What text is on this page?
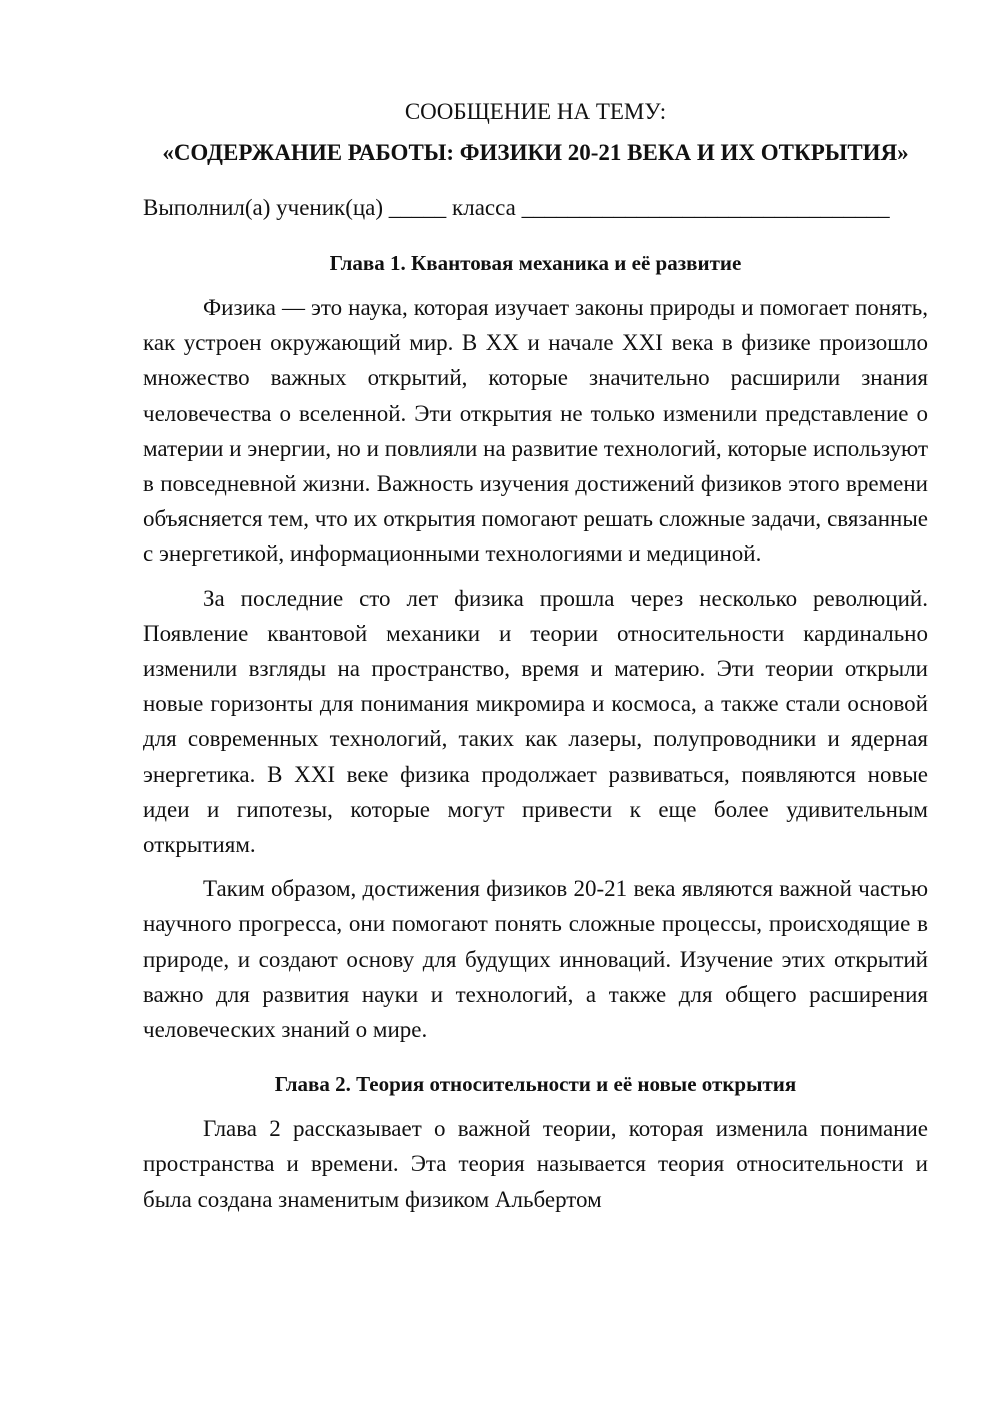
СООБЩЕНИЕ НА ТЕМУ:
«СОДЕРЖАНИЕ РАБОТЫ: ФИЗИКИ 20-21 ВЕКА И ИХ ОТКРЫТИЯ»

Выполнил(а) ученик(ца) _____ класса ________________________________

Глава 1. Квантовая механика и её развитие

Физика — это наука, которая изучает законы природы и помогает понять, как устроен окружающий мир. В XX и начале XXI века в физике произошло множество важных открытий, которые значительно расширили знания человечества о вселенной. Эти открытия не только изменили представление о материи и энергии, но и повлияли на развитие технологий, которые используют в повседневной жизни. Важность изучения достижений физиков этого времени объясняется тем, что их открытия помогают решать сложные задачи, связанные с энергетикой, информационными технологиями и медициной.

За последние сто лет физика прошла через несколько революций. Появление квантовой механики и теории относительности кардинально изменили взгляды на пространство, время и материю. Эти теории открыли новые горизонты для понимания микромира и космоса, а также стали основой для современных технологий, таких как лазеры, полупроводники и ядерная энергетика. В XXI веке физика продолжает развиваться, появляются новые идеи и гипотезы, которые могут привести к еще более удивительным открытиям.

Таким образом, достижения физиков 20-21 века являются важной частью научного прогресса, они помогают понять сложные процессы, происходящие в природе, и создают основу для будущих инноваций. Изучение этих открытий важно для развития науки и технологий, а также для общего расширения человеческих знаний о мире.

Глава 2. Теория относительности и её новые открытия

Глава 2 рассказывает о важной теории, которая изменила понимание пространства и времени. Эта теория называется теория относительности и была создана знаменитым физиком Альбертом
